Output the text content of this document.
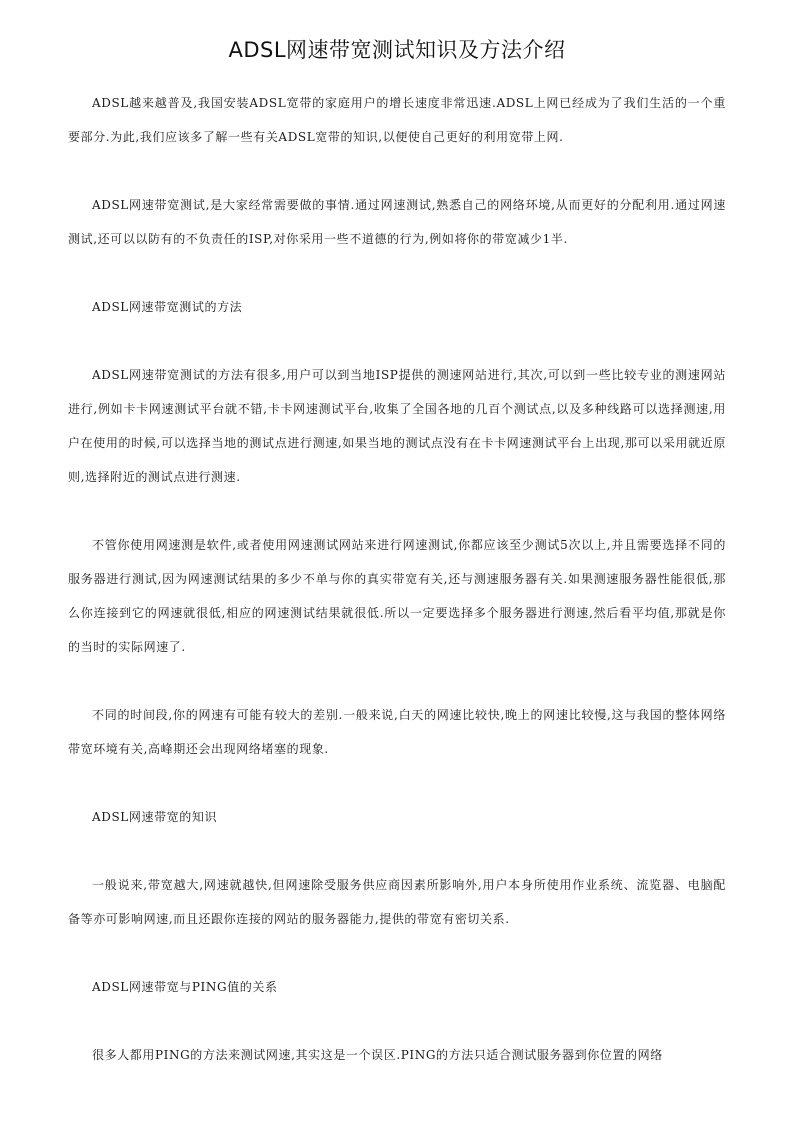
ADSL网速带宽测试知识及方法介绍

ADSL越来越普及,我国安装ADSL宽带的家庭用户的增长速度非常迅速.ADSL上网已经成为了我们生活的一个重要部分.为此,我们应该多了解一些有关ADSL宽带的知识,以便使自己更好的利用宽带上网.

ADSL网速带宽测试,是大家经常需要做的事情.通过网速测试,熟悉自己的网络环境,从而更好的分配利用.通过网速测试,还可以以防有的不负责任的ISP,对你采用一些不道德的行为,例如将你的带宽减少1半.

ADSL网速带宽测试的方法

ADSL网速带宽测试的方法有很多,用户可以到当地ISP提供的测速网站进行,其次,可以到一些比较专业的测速网站进行,例如卡卡网速测试平台就不错,卡卡网速测试平台,收集了全国各地的几百个测试点,以及多种线路可以选择测速,用户在使用的时候,可以选择当地的测试点进行测速,如果当地的测试点没有在卡卡网速测试平台上出现,那可以采用就近原则,选择附近的测试点进行测速.

不管你使用网速测是软件,或者使用网速测试网站来进行网速测试,你都应该至少测试5次以上,并且需要选择不同的服务器进行测试,因为网速测试结果的多少不单与你的真实带宽有关,还与测速服务器有关.如果测速服务器性能很低,那么你连接到它的网速就很低,相应的网速测试结果就很低.所以一定要选择多个服务器进行测速,然后看平均值,那就是你的当时的实际网速了.

不同的时间段,你的网速有可能有较大的差别.一般来说,白天的网速比较快,晚上的网速比较慢,这与我国的整体网络带宽环境有关,高峰期还会出现网络堵塞的现象.

ADSL网速带宽的知识

一般说来,带宽越大,网速就越快,但网速除受服务供应商因素所影响外,用户本身所使用作业系统、流览器、电脑配备等亦可影响网速,而且还跟你连接的网站的服务器能力,提供的带宽有密切关系.

ADSL网速带宽与PING值的关系

很多人都用PING的方法来测试网速,其实这是一个误区.PING的方法只适合测试服务器到你位置的网络
